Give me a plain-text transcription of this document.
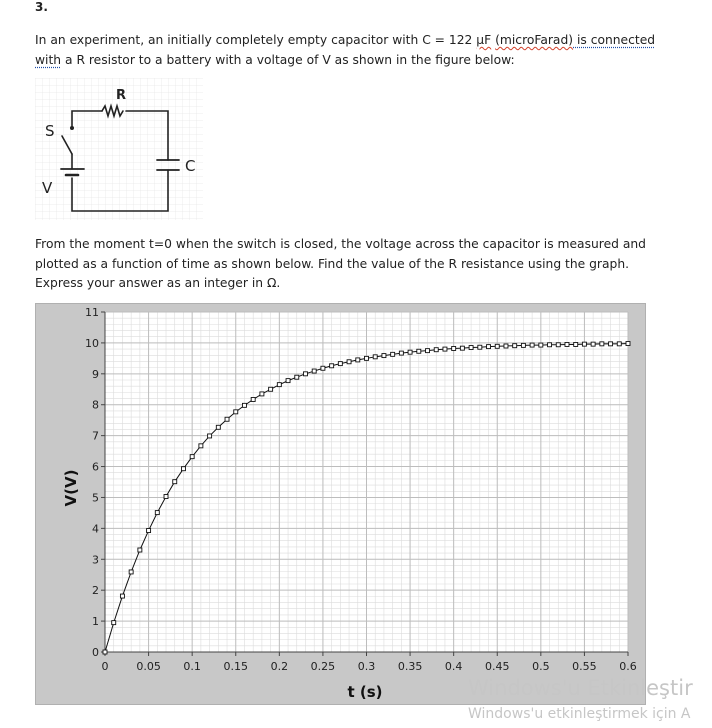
3.
In an experiment, an initially completely empty capacitor with C = 122 μF (microFarad) is connected
with a R resistor to a battery with a voltage of V as shown in the figure below:
R
S
V
C
From the moment t=0 when the switch is closed, the voltage across the capacitor is measured and
plotted as a function of time as shown below. Find the value of the R resistance using the graph.
Express your answer as an integer in Ω.
0	0.05 0.1 0.15 0.2 0.25 0.3 0.35 0.4 0.45 0.5 0.55 0.6
0
1
2
3
4
5
6
7
8
9
10
11
t (s)
V(V)
Windows'u Etkinleştir
Windows'u etkinleştirmek için A
